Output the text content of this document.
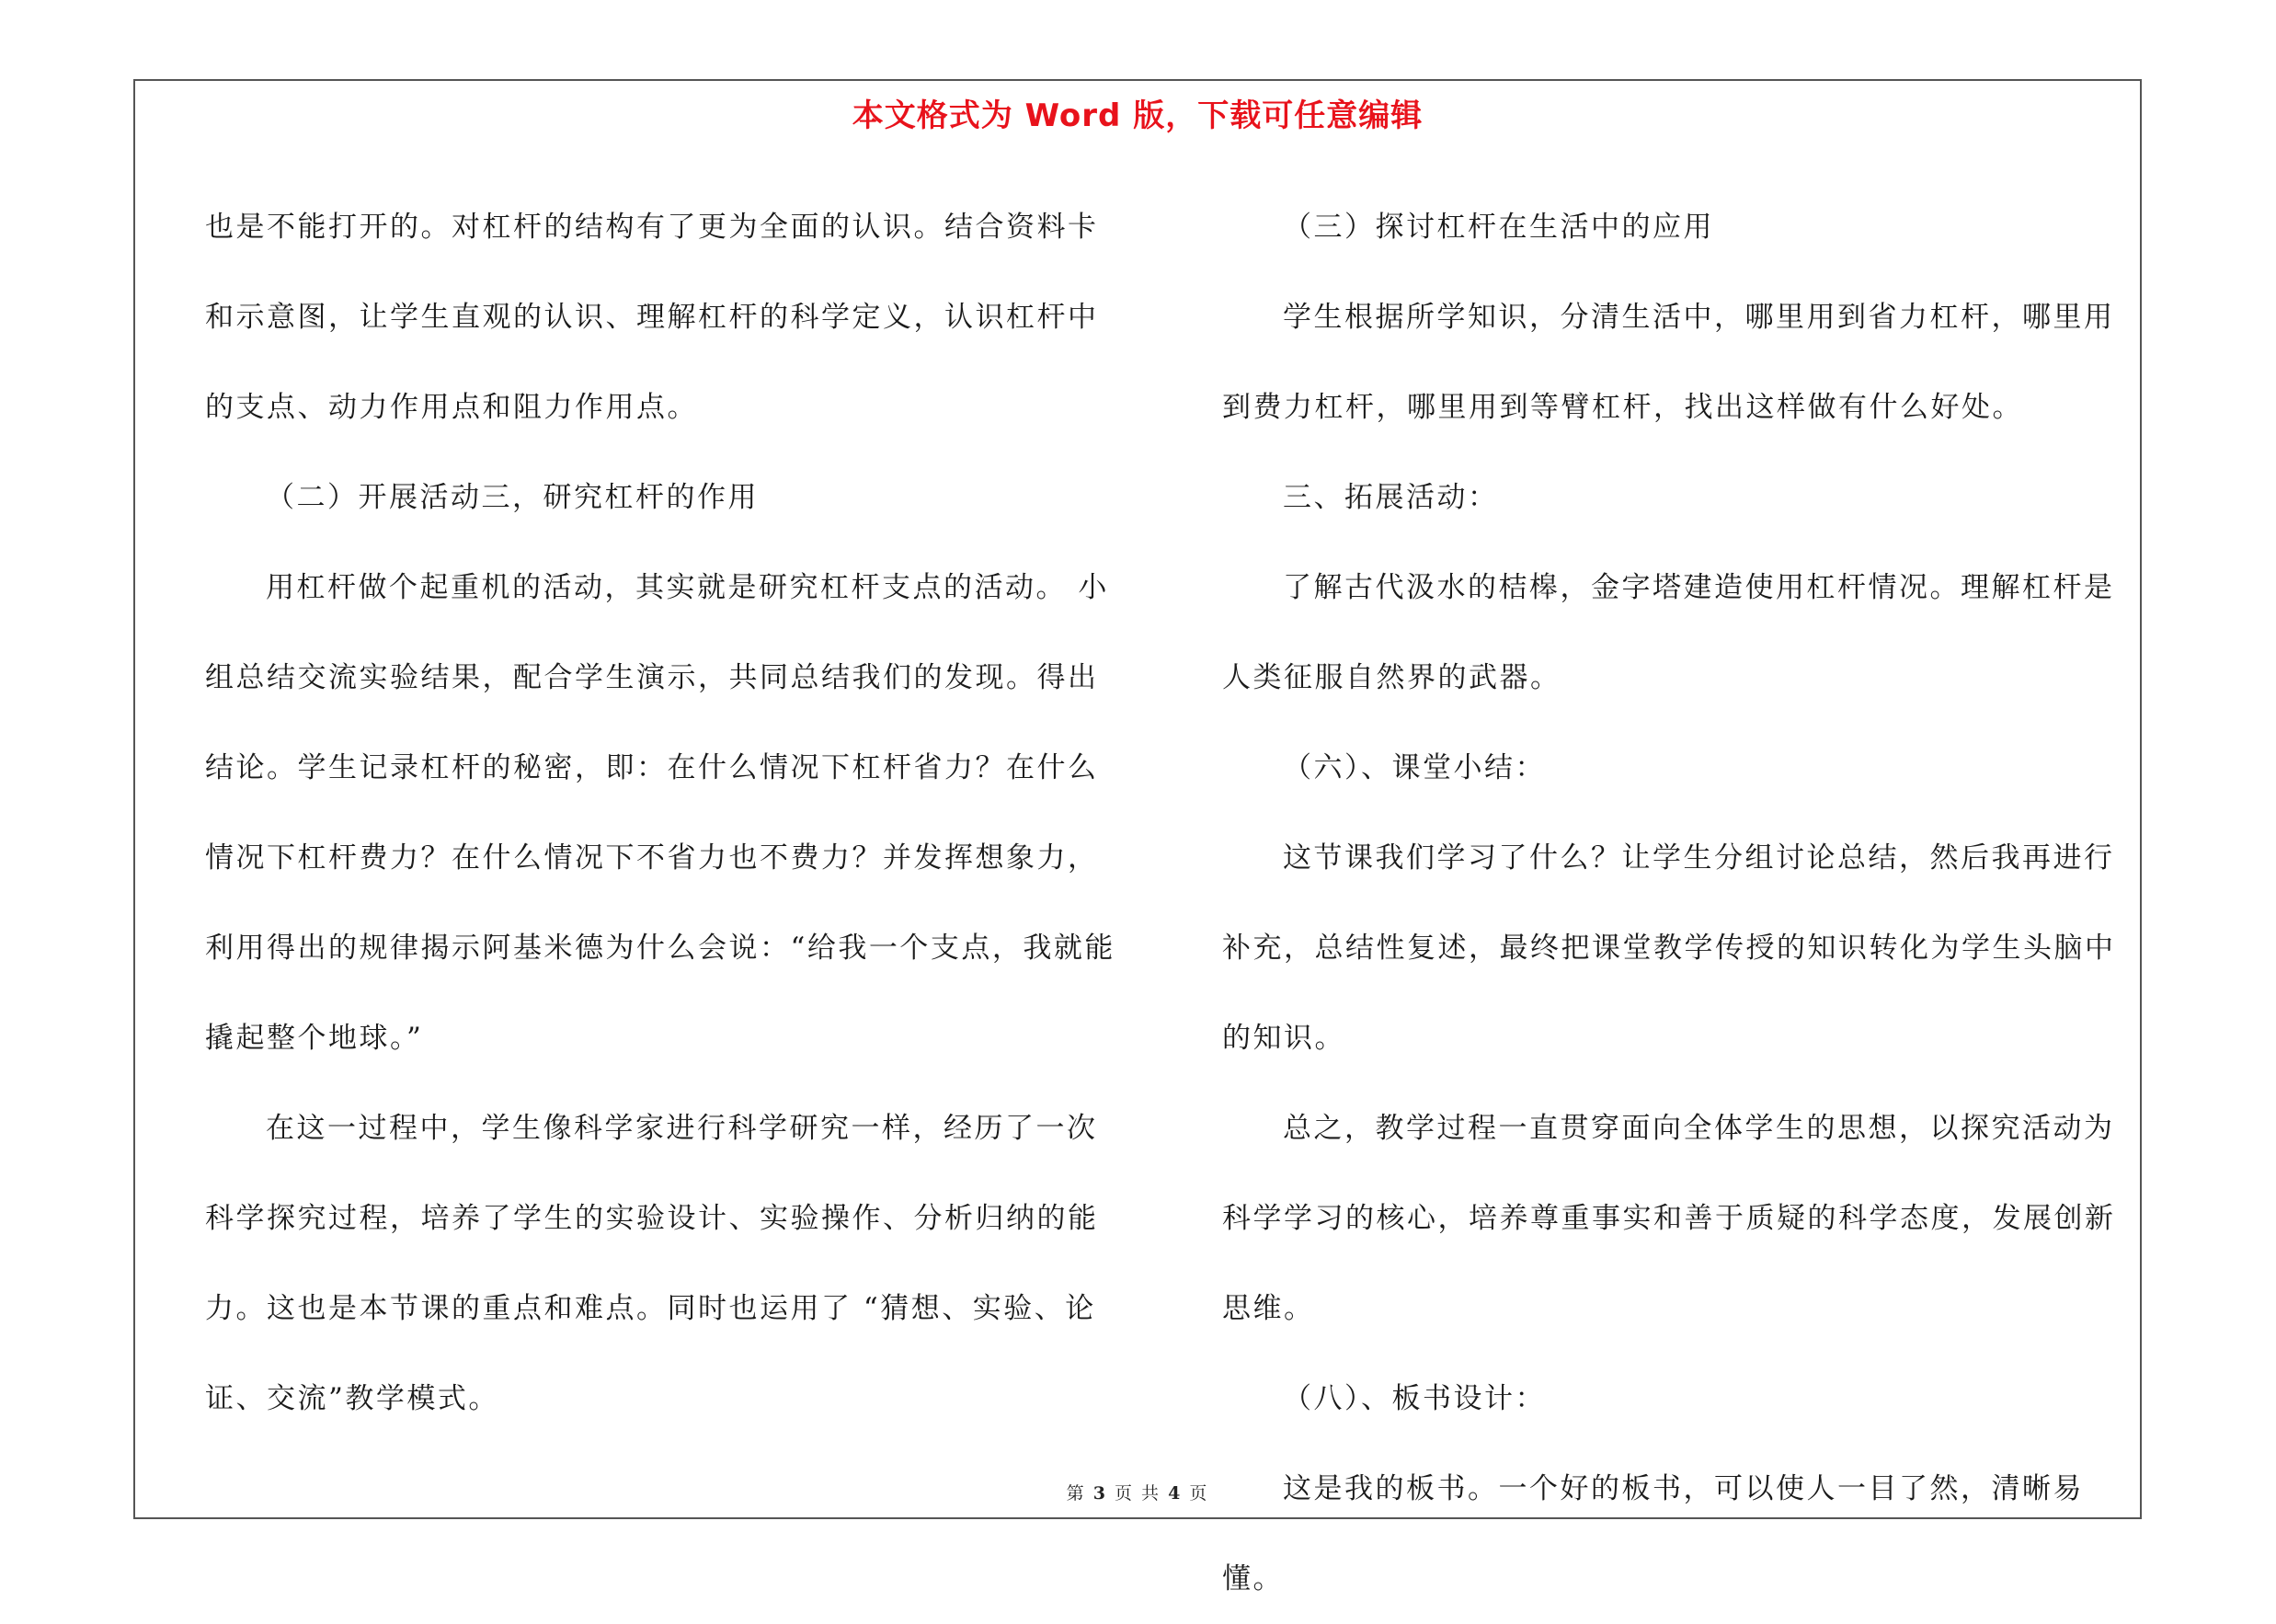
本文格式为 Word 版，下载可任意编辑

也是不能打开的。对杠杆的结构有了更为全面的认识。结合资料卡和示意图，让学生直观的认识、理解杠杆的科学定义，认识杠杆中的支点、动力作用点和阻力作用点。

（二）开展活动三，研究杠杆的作用

用杠杆做个起重机的活动，其实就是研究杠杆支点的活动。 小组总结交流实验结果，配合学生演示，共同总结我们的发现。得出结论。学生记录杠杆的秘密，即：在什么情况下杠杆省力？在什么情况下杠杆费力？在什么情况下不省力也不费力？并发挥想象力，利用得出的规律揭示阿基米德为什么会说：“给我一个支点，我就能撬起整个地球。”

在这一过程中，学生像科学家进行科学研究一样，经历了一次科学探究过程，培养了学生的实验设计、实验操作、分析归纳的能力。这也是本节课的重点和难点。同时也运用了 “猜想、实验、论证、交流”教学模式。

（三）探讨杠杆在生活中的应用

学生根据所学知识，分清生活中，哪里用到省力杠杆，哪里用到费力杠杆，哪里用到等臂杠杆，找出这样做有什么好处。

三、拓展活动：

了解古代汲水的桔槔，金字塔建造使用杠杆情况。理解杠杆是人类征服自然界的武器。

（六）、课堂小结：

这节课我们学习了什么？让学生分组讨论总结，然后我再进行补充，总结性复述，最终把课堂教学传授的知识转化为学生头脑中的知识。

总之，教学过程一直贯穿面向全体学生的思想，以探究活动为科学学习的核心，培养尊重事实和善于质疑的科学态度，发展创新思维。

（八）、板书设计：

这是我的板书。一个好的板书，可以使人一目了然，清晰易懂。

第 3 页 共 4 页
